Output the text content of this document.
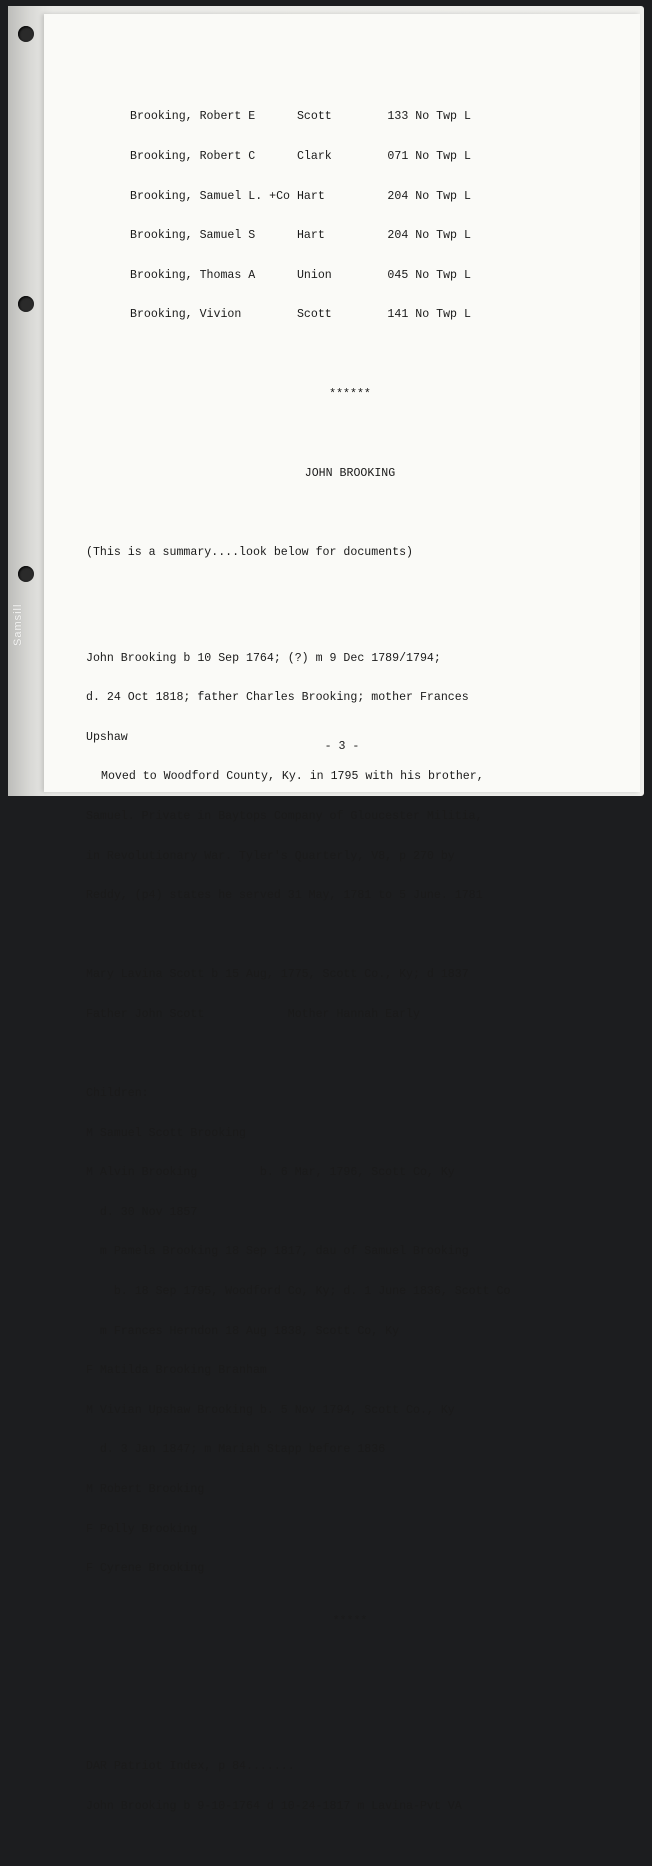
Samsill

Brooking, Robert E      Scott        133 No Twp L

Brooking, Robert C      Clark        071 No Twp L

Brooking, Samuel L. +Co Hart         204 No Twp L

Brooking, Samuel S      Hart         204 No Twp L

Brooking, Thomas A      Union        045 No Twp L

Brooking, Vivion        Scott        141 No Twp L

******

JOHN BROOKING

(This is a summary....look below for documents)

John Brooking b 10 Sep 1764; (?) m 9 Dec 1789/1794;

d. 24 Oct 1818; father Charles Brooking; mother Frances

Upshaw

Moved to Woodford County, Ky. in 1795 with his brother,

Samuel. Private in Baytops Company of Gloucester Militia,

in Revolutionary War. Tyler's Quarterly, V8, p 270 by

Reddy, (p4) states he served 31 May, 1781 to 5 June. 1781

Mary Lavina Scott b 15 Aug, 1775, Scott Co., Ky; d 1837

Father John Scott            Mother Hannah Early

Children:

M Samuel Scott Brooking

M Alvin Brooking         b. 6 Mar, 1796, Scott Co, Ky

d. 30 Nov 1857

m Pamela Brooking 18 Sep 1817, dau of Samuel Brooking

b. 18 Sep 1795, Woodford Co, Ky; d. 1 June 1836, Scott Co

m Frances Herndon 18 Aug 1838, Scott Co, Ky

F Matilda Brooking Branham

M Vivian Upshaw Brooking b. 5 Nov 1794, Scott Co., Ky

d. 3 Jan 1847; m Mariah Stapp before 1836

M Robert Brooking

F Polly Brooking

F Cyrene Brooking

*****

DAR Patriot Index, p 84.......

John Brooking b 9-10-1764 d 10-24-1817 m Lavina-Pvt VA

- 3 -
